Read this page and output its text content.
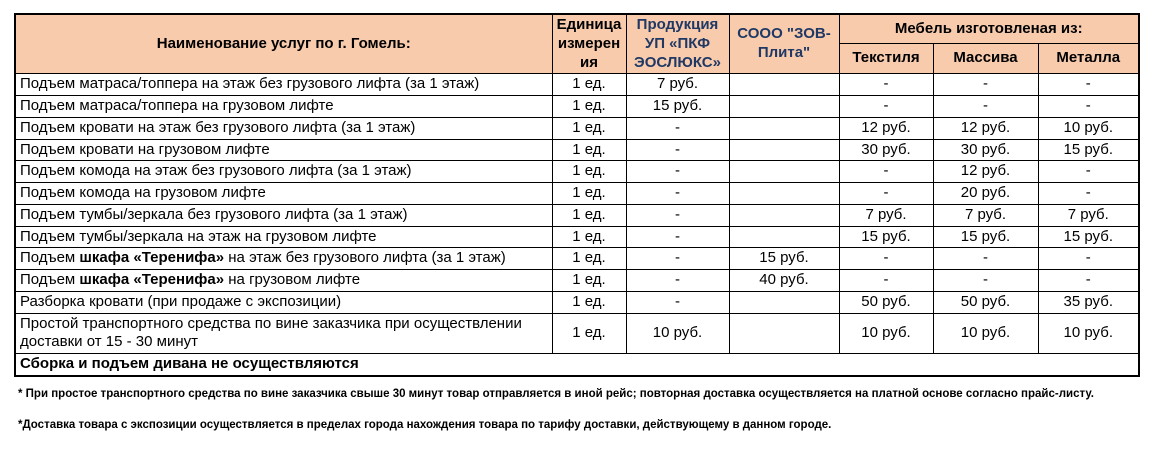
Наименование услуг по г. Гомель:	Единица измерения	Продукция УП «ПКФ ЭОСЛЮКС»	СООО "ЗОВ-Плита"	Мебель изготовленая из:		
				Текстиля	Массива	Металла
Подъем матраса/топпера на этаж без грузового лифта (за 1 этаж)	1 ед.	7 руб.		-	-	-
Подъем матраса/топпера на грузовом лифте	1 ед.	15 руб.		-	-	-
Подъем кровати на этаж без грузового лифта (за 1 этаж)	1 ед.	-		12 руб.	12 руб.	10 руб.
Подъем кровати на грузовом лифте	1 ед.	-		30 руб.	30 руб.	15 руб.
Подъем комода на этаж без грузового лифта (за 1 этаж)	1 ед.	-		-	12 руб.	-
Подъем комода на грузовом лифте	1 ед.	-		-	20 руб.	-
Подъем тумбы/зеркала без грузового лифта (за 1 этаж)	1 ед.	-		7 руб.	7 руб.	7 руб.
Подъем тумбы/зеркала на этаж на грузовом лифте	1 ед.	-		15 руб.	15 руб.	15 руб.
Подъем шкафа «Теренифа» на этаж без грузового лифта (за 1 этаж)	1 ед.	-	15 руб.	-	-	-
Подъем шкафа «Теренифа» на грузовом лифте	1 ед.	-	40 руб.	-	-	-
Разборка кровати (при продаже с экспозиции)	1 ед.	-		50 руб.	50 руб.	35 руб.
Простой транспортного средства по вине заказчика при осуществлении доставки от 15 - 30 минут	1 ед.	10 руб.		10 руб.	10 руб.	10 руб.
Сборка и подъем дивана не осуществляются						

* При простое транспортного средства по вине заказчика свыше 30 минут товар отправляется в иной рейс; повторная доставка осуществляется на платной основе согласно прайс-листу.

*Доставка товара с экспозиции осуществляется в пределах города нахождения товара по тарифу доставки, действующему в данном городе.
